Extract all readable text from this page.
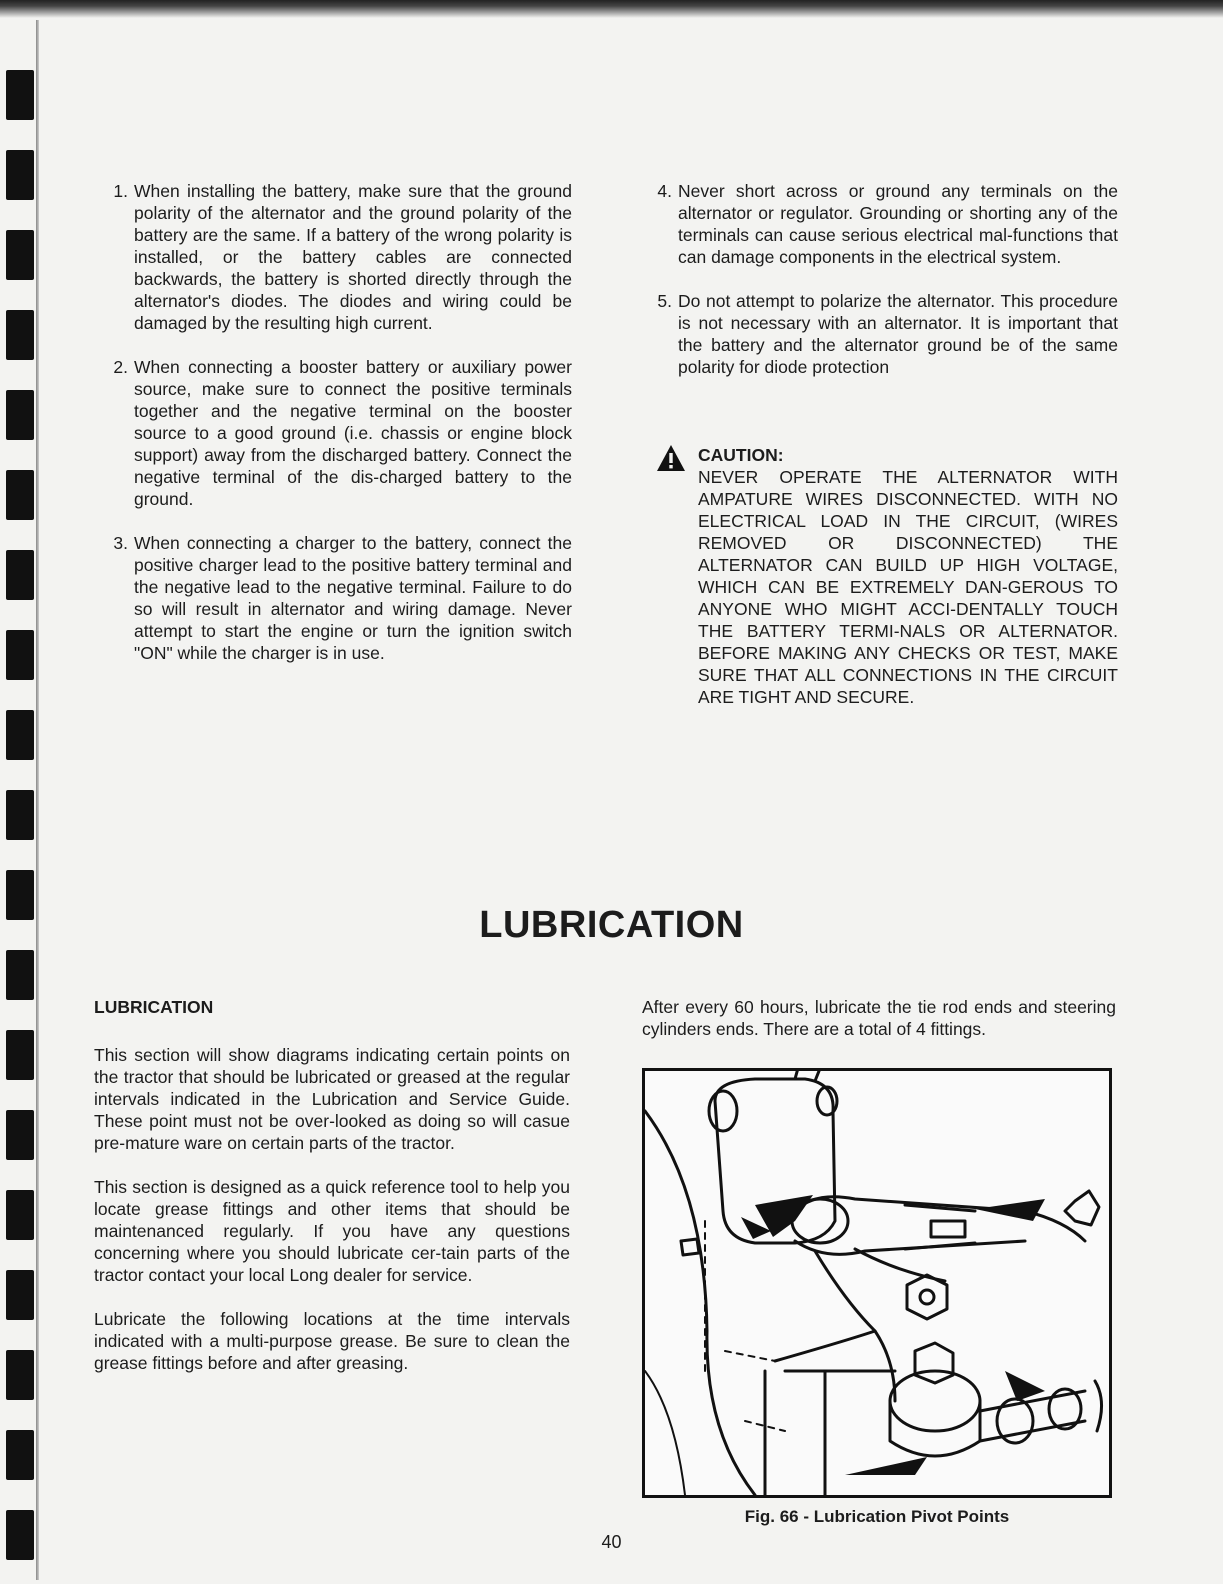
1. When installing the battery, make sure that the ground polarity of the alternator and the ground polarity of the battery are the same. If a battery of the wrong polarity is installed, or the battery cables are connected backwards, the battery is shorted directly through the alternator's diodes. The diodes and wiring could be damaged by the resulting high current.
2. When connecting a booster battery or auxiliary power source, make sure to connect the positive terminals together and the negative terminal on the booster source to a good ground (i.e. chassis or engine block support) away from the discharged battery. Connect the negative terminal of the dis-charged battery to the ground.
3. When connecting a charger to the battery, connect the positive charger lead to the positive battery terminal and the negative lead to the negative terminal. Failure to do so will result in alternator and wiring damage. Never attempt to start the engine or turn the ignition switch "ON" while the charger is in use.
4. Never short across or ground any terminals on the alternator or regulator. Grounding or shorting any of the terminals can cause serious electrical mal-functions that can damage components in the electrical system.
5. Do not attempt to polarize the alternator. This procedure is not necessary with an alternator. It is important that the battery and the alternator ground be of the same polarity for diode protection
CAUTION:
NEVER OPERATE THE ALTERNATOR WITH AMPATURE WIRES DISCONNECTED. WITH NO ELECTRICAL LOAD IN THE CIRCUIT, (WIRES REMOVED OR DISCONNECTED) THE ALTERNATOR CAN BUILD UP HIGH VOLTAGE, WHICH CAN BE EXTREMELY DAN-GEROUS TO ANYONE WHO MIGHT ACCI-DENTALLY TOUCH THE BATTERY TERMI-NALS OR ALTERNATOR. BEFORE MAKING ANY CHECKS OR TEST, MAKE SURE THAT ALL CONNECTIONS IN THE CIRCUIT ARE TIGHT AND SECURE.
LUBRICATION
LUBRICATION
This section will show diagrams indicating certain points on the tractor that should be lubricated or greased at the regular intervals indicated in the Lubrication and Service Guide. These point must not be over-looked as doing so will casue pre-mature ware on certain parts of the tractor.
This section is designed as a quick reference tool to help you locate grease fittings and other items that should be maintenanced regularly. If you have any questions concerning where you should lubricate cer-tain parts of the tractor contact your local Long dealer for service.
Lubricate the following locations at the time intervals indicated with a multi-purpose grease. Be sure to clean the grease fittings before and after greasing.
After every 60 hours, lubricate the tie rod ends and steering cylinders ends. There are a total of 4 fittings.
Fig. 66 - Lubrication Pivot Points
40
